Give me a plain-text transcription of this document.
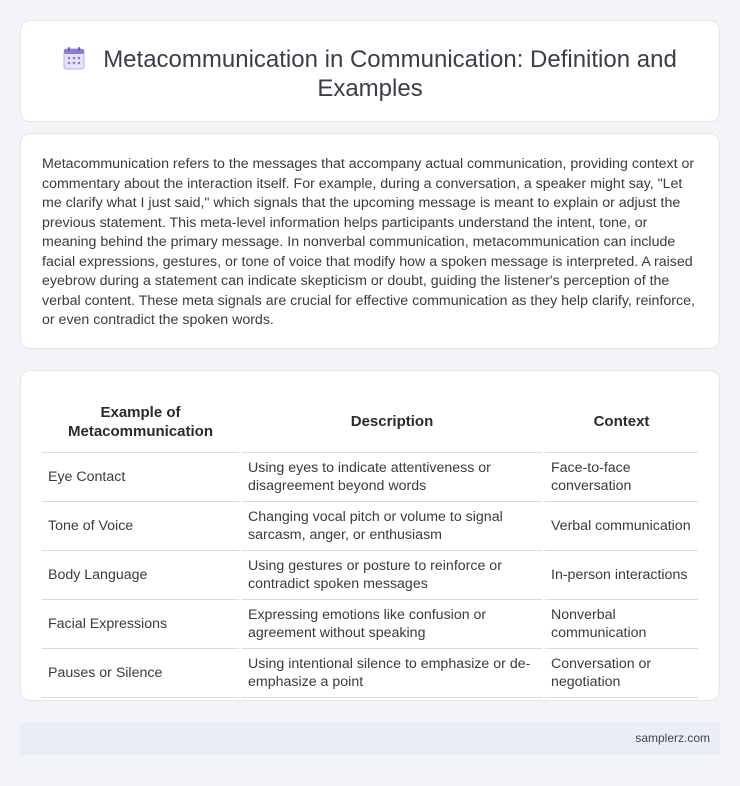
Metacommunication in Communication: Definition and Examples

Metacommunication refers to the messages that accompany actual communication, providing context or commentary about the interaction itself. For example, during a conversation, a speaker might say, "Let me clarify what I just said," which signals that the upcoming message is meant to explain or adjust the previous statement. This meta-level information helps participants understand the intent, tone, or meaning behind the primary message. In nonverbal communication, metacommunication can include facial expressions, gestures, or tone of voice that modify how a spoken message is interpreted. A raised eyebrow during a statement can indicate skepticism or doubt, guiding the listener's perception of the verbal content. These meta signals are crucial for effective communication as they help clarify, reinforce, or even contradict the spoken words.

Example of Metacommunication		Description		Context
Eye Contact		Using eyes to indicate attentiveness or disagreement beyond words		Face-to-face conversation
Tone of Voice		Changing vocal pitch or volume to signal sarcasm, anger, or enthusiasm		Verbal communication
Body Language		Using gestures or posture to reinforce or contradict spoken messages		In-person interactions
Facial Expressions		Expressing emotions like confusion or agreement without speaking		Nonverbal communication
Pauses or Silence		Using intentional silence to emphasize or de-emphasize a point		Conversation or negotiation
samplerz.com
